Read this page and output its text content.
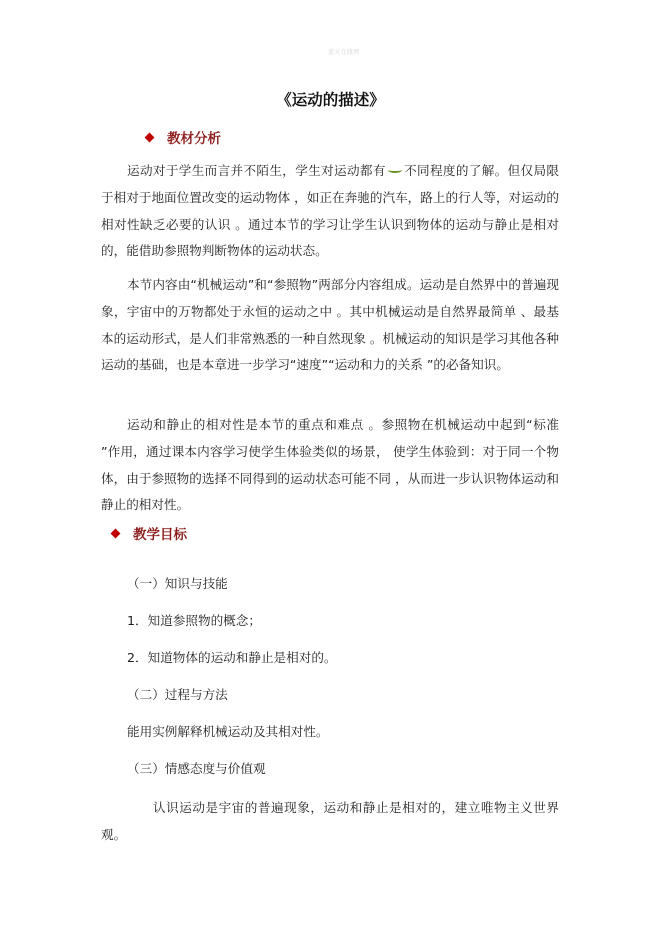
蓝天在线网
《运动的描述》
教材分析
运动对于学生而言并不陌生，学生对运动都有 不同程度的了解。但仅局限于相对于地面位置改变的运动物体 ，如正在奔驰的汽车，路上的行人等，对运动的相对性缺乏必要的认识 。通过本节的学习让学生认识到物体的运动与静止是相对的，能借助参照物判断物体的运动状态。
本节内容由“机械运动”和“参照物”两部分内容组成。运动是自然界中的普遍现象，宇宙中的万物都处于永恒的运动之中 。其中机械运动是自然界最简单 、最基本的运动形式，是人们非常熟悉的一种自然现象 。机械运动的知识是学习其他各种运动的基础，也是本章进一步学习“速度”“运动和力的关系 ”的必备知识。
运动和静止的相对性是本节的重点和难点 。参照物在机械运动中起到“标准 ”作用，通过课本内容学习使学生体验类似的场景， 使学生体验到：对于同一个物体，由于参照物的选择不同得到的运动状态可能不同 ，从而进一步认识物体运动和静止的相对性。
教学目标
（一）知识与技能
1．知道参照物的概念；
2．知道物体的运动和静止是相对的。
（二）过程与方法
能用实例解释机械运动及其相对性。
（三）情感态度与价值观
认识运动是宇宙的普遍现象，运动和静止是相对的，建立唯物主义世界观。
